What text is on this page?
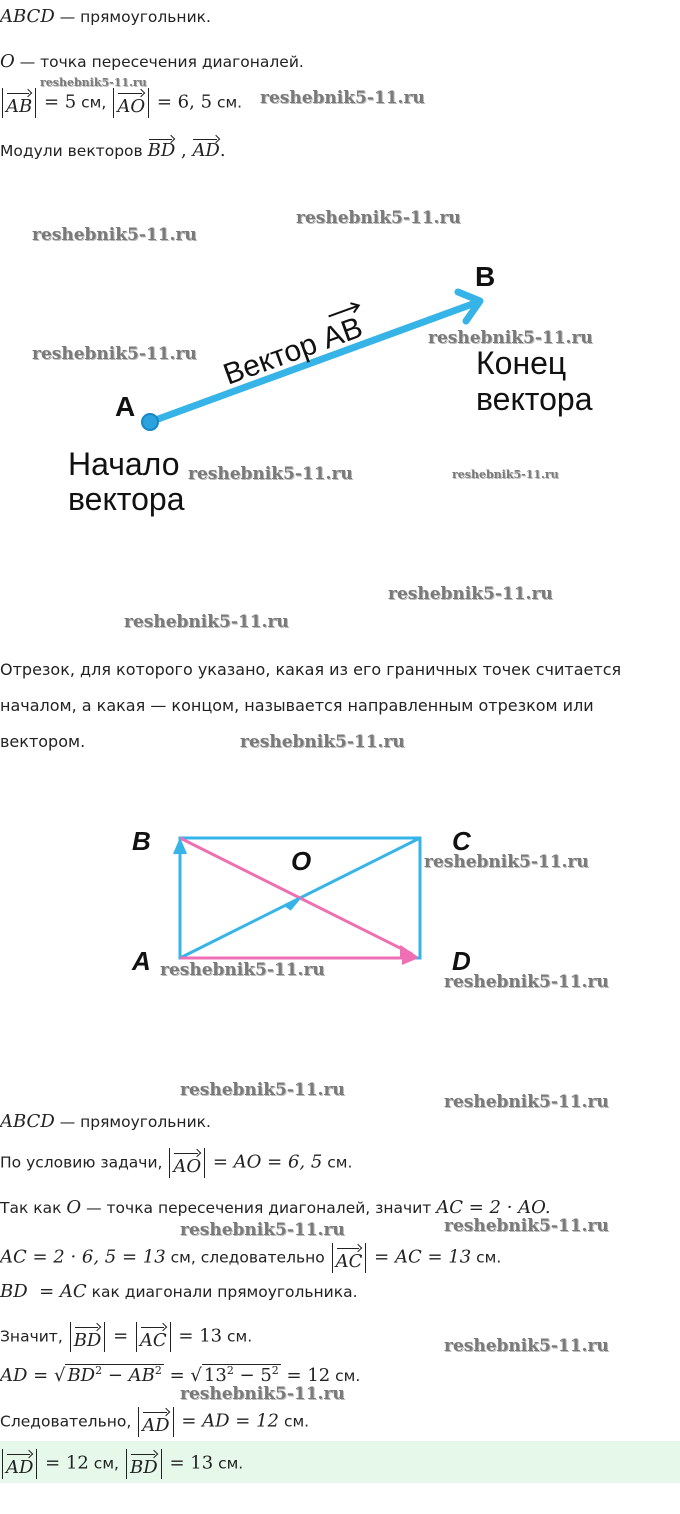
ABCD — прямоугольник.
O — точка пересечения диагоналей.
AB = 5 см, AO = 6, 5 см.
Модули векторов BD , AD.
A
B
Вектор AB
Начало
вектора
Конец
вектора
Отрезок, для которого указано, какая из его граничных точек считается
началом, а какая — концом, называется направленным отрезком или
вектором.
B	C
A	D
O
ABCD — прямоугольник.
По условию задачи, AO = AO = 6, 5 см.
Так как O — точка пересечения диагоналей, значит AC = 2 · AO.
AC = 2 · 6, 5 = 13 см, следовательно AC = AC = 13 см.
BD  = AC как диагонали прямоугольника.
Значит, BD = AC = 13 см.
AD = √ $BD^2 - AB^2$ = √ $13^2 - 5^2 = 12$ см.
Следовательно, AD = AD = 12 см.
AD = 12 см, BD = 13 см.
reshebnik5-11.ru
reshebnik5-11.ru
reshebnik5-11.ru
reshebnik5-11.ru
reshebnik5-11.ru
reshebnik5-11.ru
reshebnik5-11.ru	reshebnik5-11.ru
reshebnik5-11.ru
reshebnik5-11.ru
reshebnik5-11.ru
reshebnik5-11.ru
reshebnik5-11.ru
reshebnik5-11.ru
reshebnik5-11.ru
reshebnik5-11.ru
reshebnik5-11.ru	reshebnik5-11.ru
reshebnik5-11.ru
reshebnik5-11.ru
